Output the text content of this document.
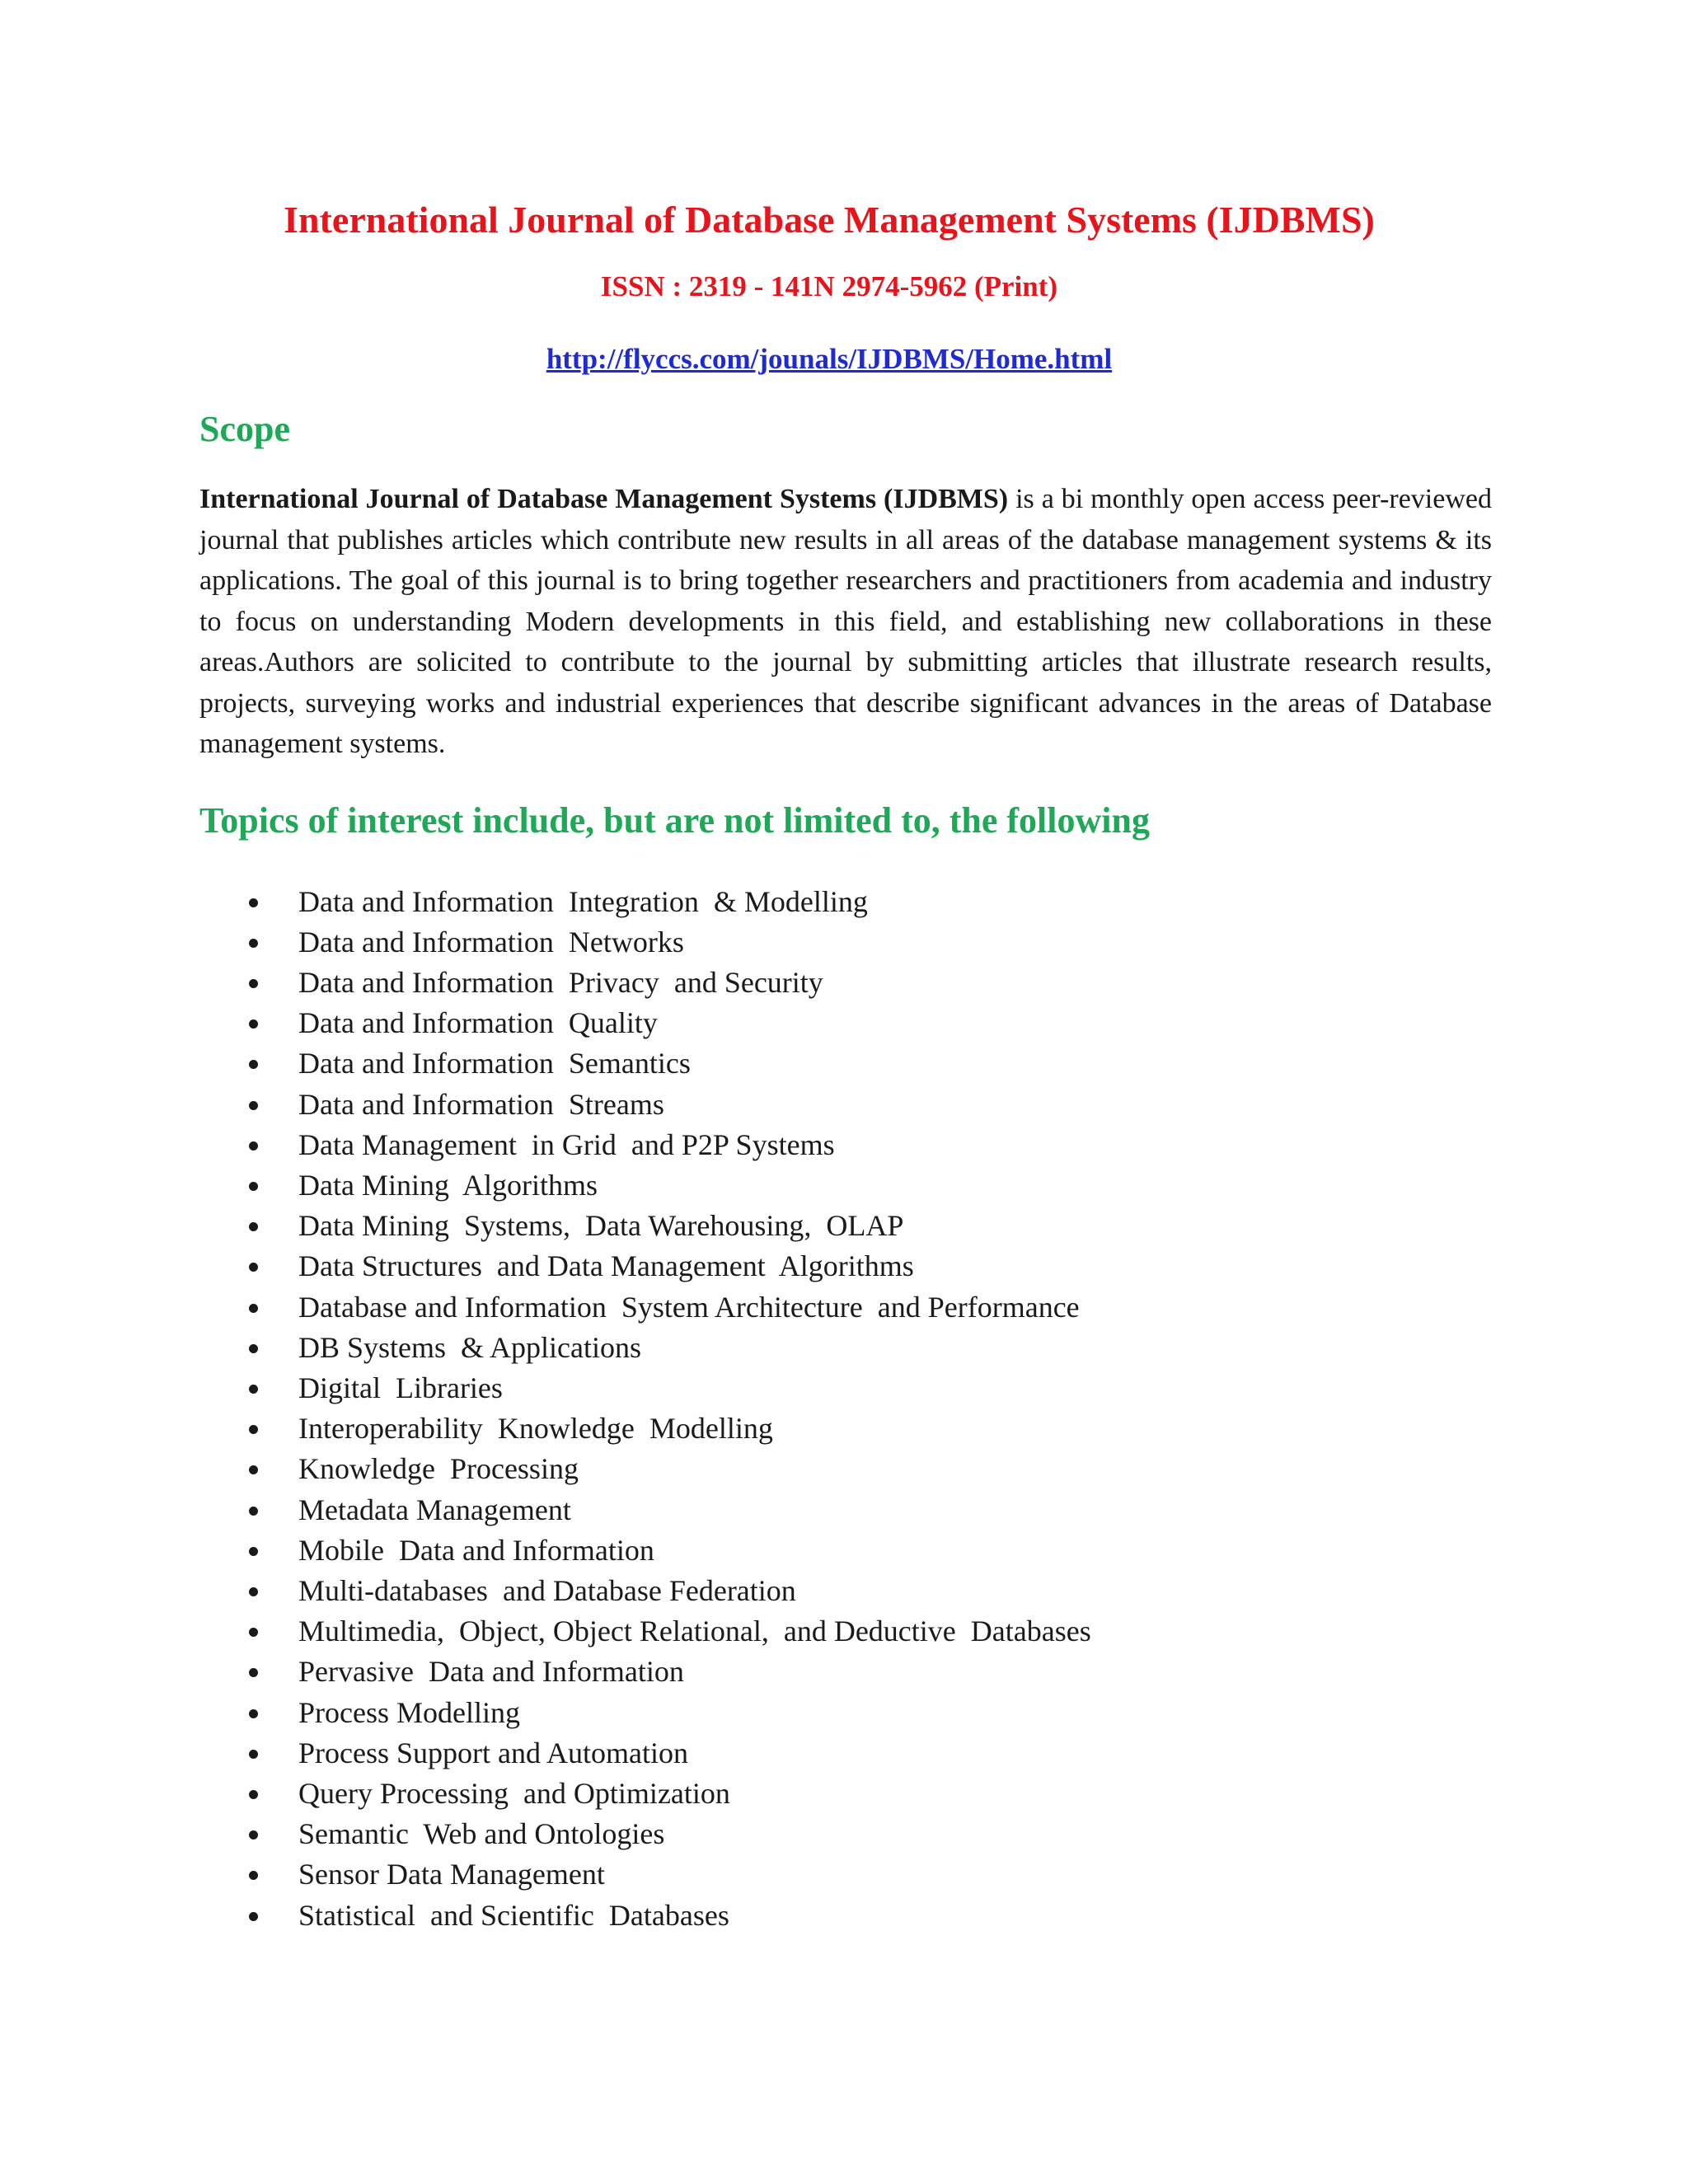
International Journal of Database Management Systems (IJDBMS)

ISSN : 2319 - 141N 2974-5962 (Print)

http://flyccs.com/jounals/IJDBMS/Home.html
Scope

International Journal of Database Management Systems (IJDBMS) is a bi monthly open access peer-reviewed journal that publishes articles which contribute new results in all areas of the database management systems & its applications. The goal of this journal is to bring together researchers and practitioners from academia and industry to focus on understanding Modern developments in this field, and establishing new collaborations in these areas.Authors are solicited to contribute to the journal by submitting articles that illustrate research results, projects, surveying works and industrial experiences that describe significant advances in the areas of Database management systems.

Topics of interest include, but are not limited to, the following
Data and Information  Integration  & Modelling
Data and Information  Networks
Data and Information  Privacy  and Security
Data and Information  Quality
Data and Information  Semantics
Data and Information  Streams
Data Management  in Grid  and P2P Systems
Data Mining  Algorithms
Data Mining  Systems,  Data Warehousing,  OLAP
Data Structures  and Data Management  Algorithms
Database and Information  System Architecture  and Performance
DB Systems  & Applications
Digital  Libraries
Interoperability  Knowledge  Modelling
Knowledge  Processing
Metadata Management
Mobile  Data and Information
Multi-databases  and Database Federation
Multimedia,  Object, Object Relational,  and Deductive  Databases
Pervasive  Data and Information
Process Modelling
Process Support and Automation
Query Processing  and Optimization
Semantic  Web and Ontologies
Sensor Data Management
Statistical  and Scientific  Databases
